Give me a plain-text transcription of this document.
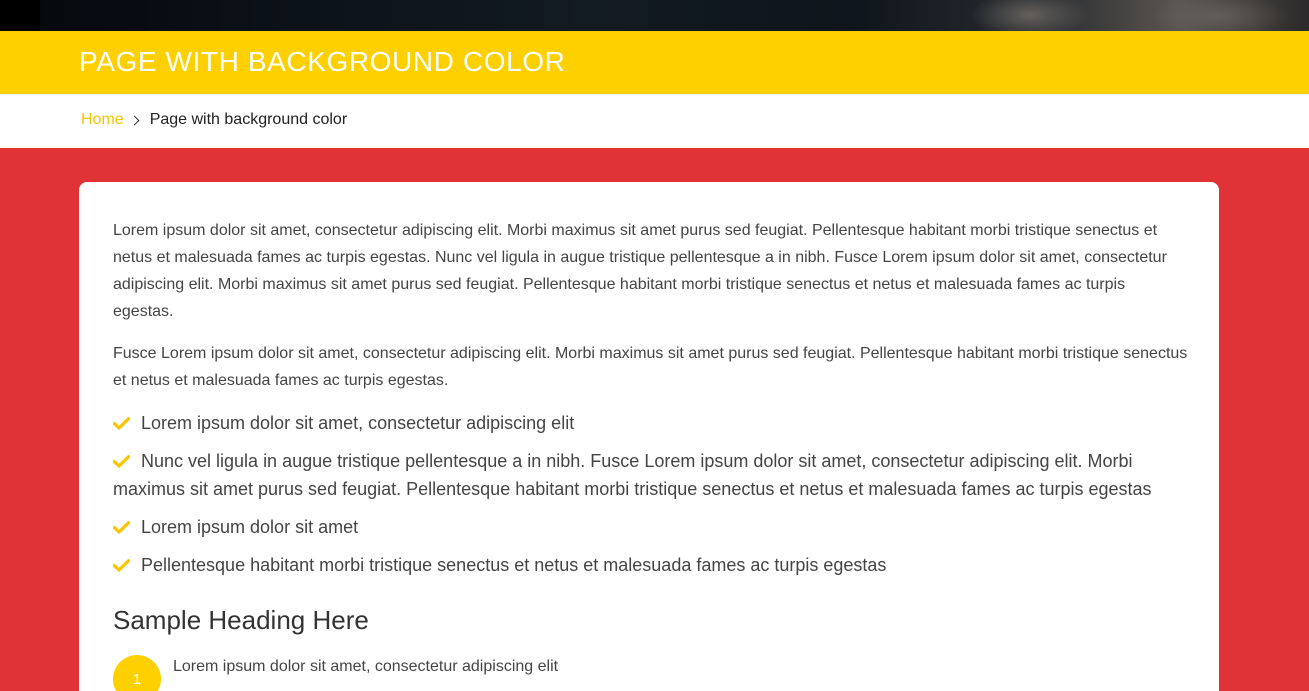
PAGE WITH BACKGROUND COLOR
Home Page with background color

Lorem ipsum dolor sit amet, consectetur adipiscing elit. Morbi maximus sit amet purus sed feugiat. Pellentesque habitant morbi tristique senectus et netus et malesuada fames ac turpis egestas. Nunc vel ligula in augue tristique pellentesque a in nibh. Fusce Lorem ipsum dolor sit amet, consectetur adipiscing elit. Morbi maximus sit amet purus sed feugiat. Pellentesque habitant morbi tristique senectus et netus et malesuada fames ac turpis egestas.

Fusce Lorem ipsum dolor sit amet, consectetur adipiscing elit. Morbi maximus sit amet purus sed feugiat. Pellentesque habitant morbi tristique senectus et netus et malesuada fames ac turpis egestas.

Lorem ipsum dolor sit amet, consectetur adipiscing elit
Nunc vel ligula in augue tristique pellentesque a in nibh. Fusce Lorem ipsum dolor sit amet, consectetur adipiscing elit. Morbi maximus sit amet purus sed feugiat. Pellentesque habitant morbi tristique senectus et netus et malesuada fames ac turpis egestas
Lorem ipsum dolor sit amet
Pellentesque habitant morbi tristique senectus et netus et malesuada fames ac turpis egestas
Sample Heading Here
1
Lorem ipsum dolor sit amet, consectetur adipiscing elit
